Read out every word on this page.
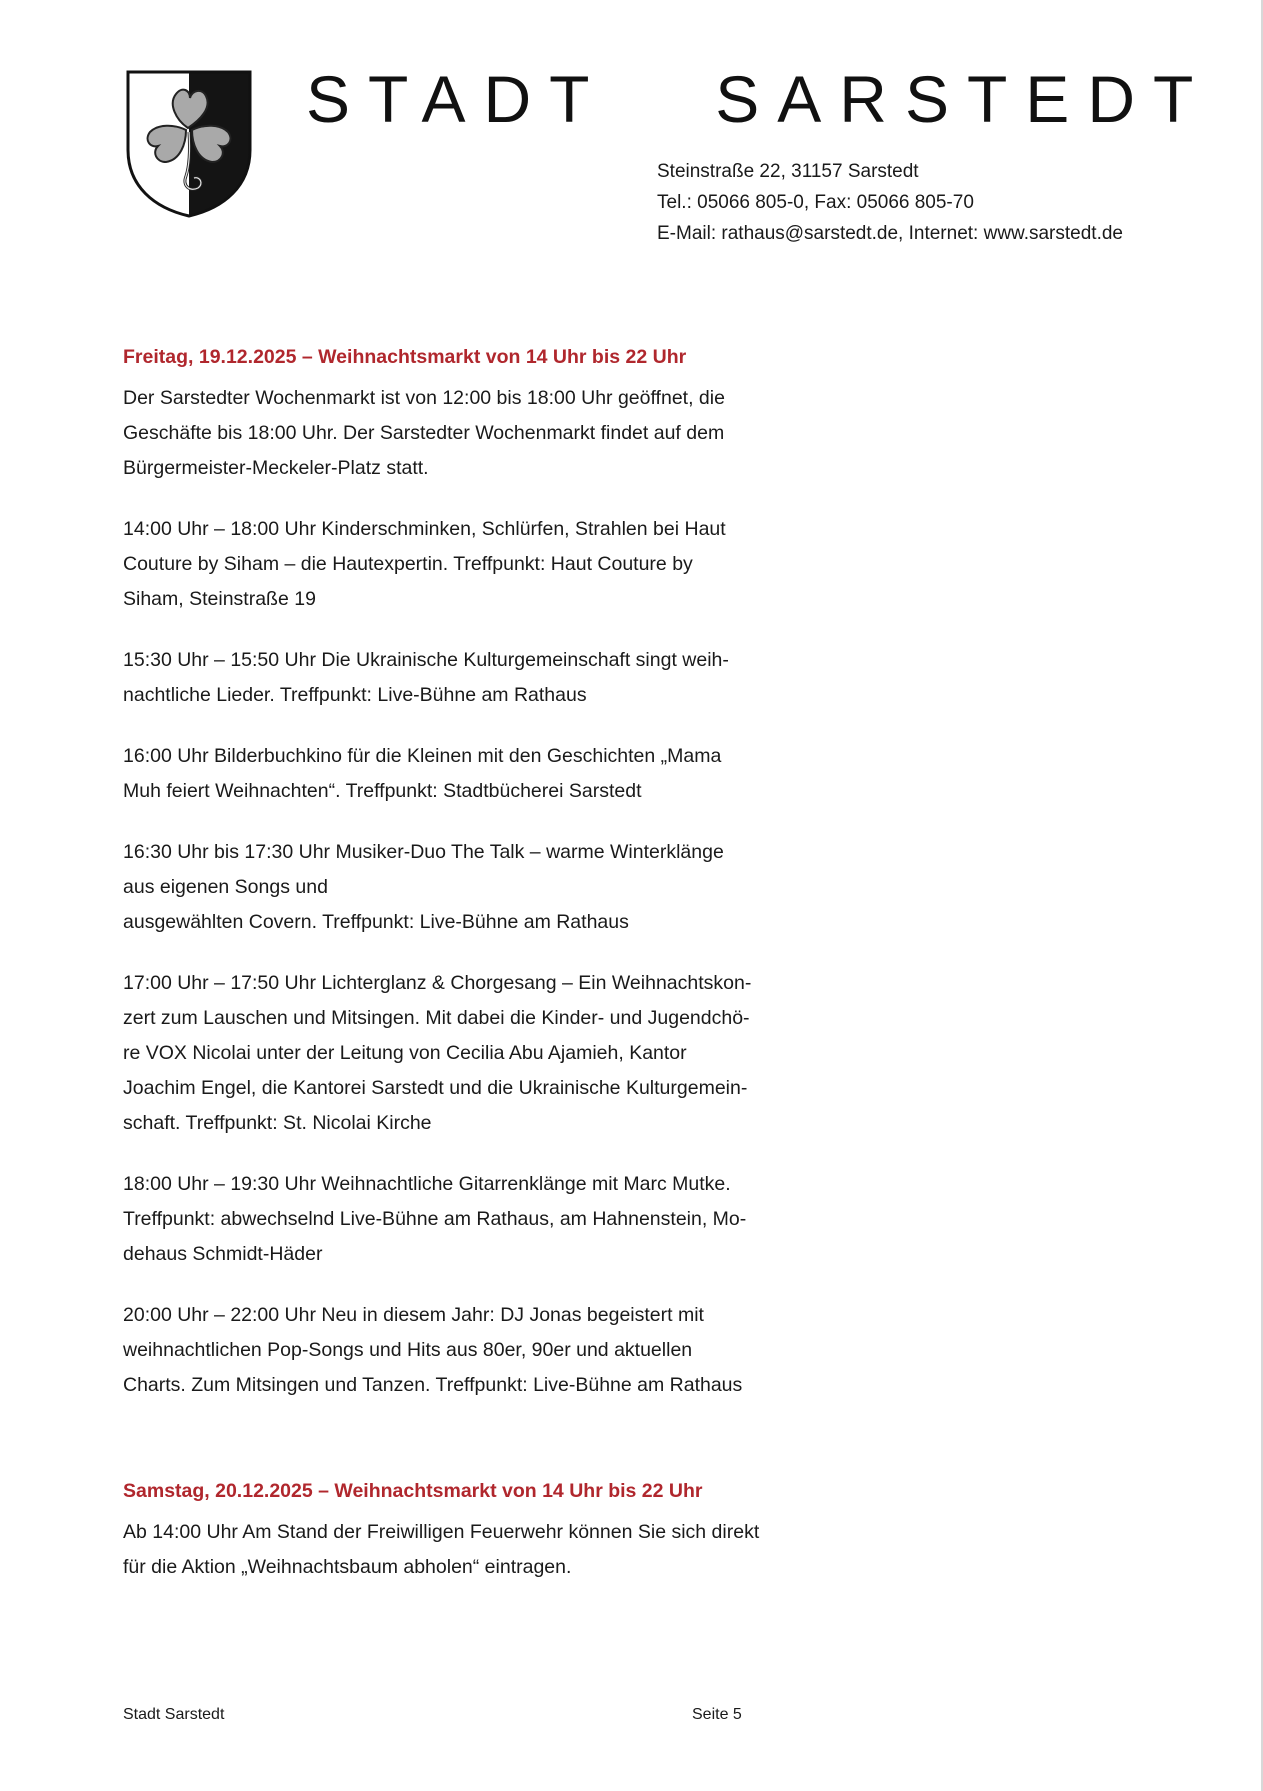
STADT   SARSTEDT
Steinstraße 22, 31157 Sarstedt
Tel.: 05066 805-0, Fax: 05066 805-70
E-Mail: rathaus@sarstedt.de, Internet: www.sarstedt.de
Freitag, 19.12.2025 – Weihnachtsmarkt von 14 Uhr bis 22 Uhr
Der Sarstedter Wochenmarkt ist von 12:00 bis 18:00 Uhr geöffnet, die
Geschäfte bis 18:00 Uhr. Der Sarstedter Wochenmarkt findet auf dem
Bürgermeister-Meckeler-Platz statt.
14:00 Uhr – 18:00 Uhr Kinderschminken, Schlürfen, Strahlen bei Haut
Couture by Siham – die Hautexpertin. Treffpunkt: Haut Couture by
Siham, Steinstraße 19
15:30 Uhr – 15:50 Uhr Die Ukrainische Kulturgemeinschaft singt weih-
nachtliche Lieder. Treffpunkt: Live-Bühne am Rathaus
16:00 Uhr Bilderbuchkino für die Kleinen mit den Geschichten „Mama
Muh feiert Weihnachten“. Treffpunkt: Stadtbücherei Sarstedt
16:30 Uhr bis 17:30 Uhr Musiker-Duo The Talk – warme Winterklänge
aus eigenen Songs und
ausgewählten Covern. Treffpunkt: Live-Bühne am Rathaus
17:00 Uhr – 17:50 Uhr Lichterglanz & Chorgesang – Ein Weihnachtskon-
zert zum Lauschen und Mitsingen. Mit dabei die Kinder- und Jugendchö-
re VOX Nicolai unter der Leitung von Cecilia Abu Ajamieh, Kantor
Joachim Engel, die Kantorei Sarstedt und die Ukrainische Kulturgemein-
schaft. Treffpunkt: St. Nicolai Kirche
18:00 Uhr – 19:30 Uhr Weihnachtliche Gitarrenklänge mit Marc Mutke.
Treffpunkt: abwechselnd Live-Bühne am Rathaus, am Hahnenstein, Mo-
dehaus Schmidt-Häder
20:00 Uhr – 22:00 Uhr Neu in diesem Jahr: DJ Jonas begeistert mit
weihnachtlichen Pop-Songs und Hits aus 80er, 90er und aktuellen
Charts. Zum Mitsingen und Tanzen. Treffpunkt: Live-Bühne am Rathaus
Samstag, 20.12.2025 – Weihnachtsmarkt von 14 Uhr bis 22 Uhr
Ab 14:00 Uhr Am Stand der Freiwilligen Feuerwehr können Sie sich direkt
für die Aktion „Weihnachtsbaum abholen“ eintragen.
Stadt Sarstedt	Seite 5
